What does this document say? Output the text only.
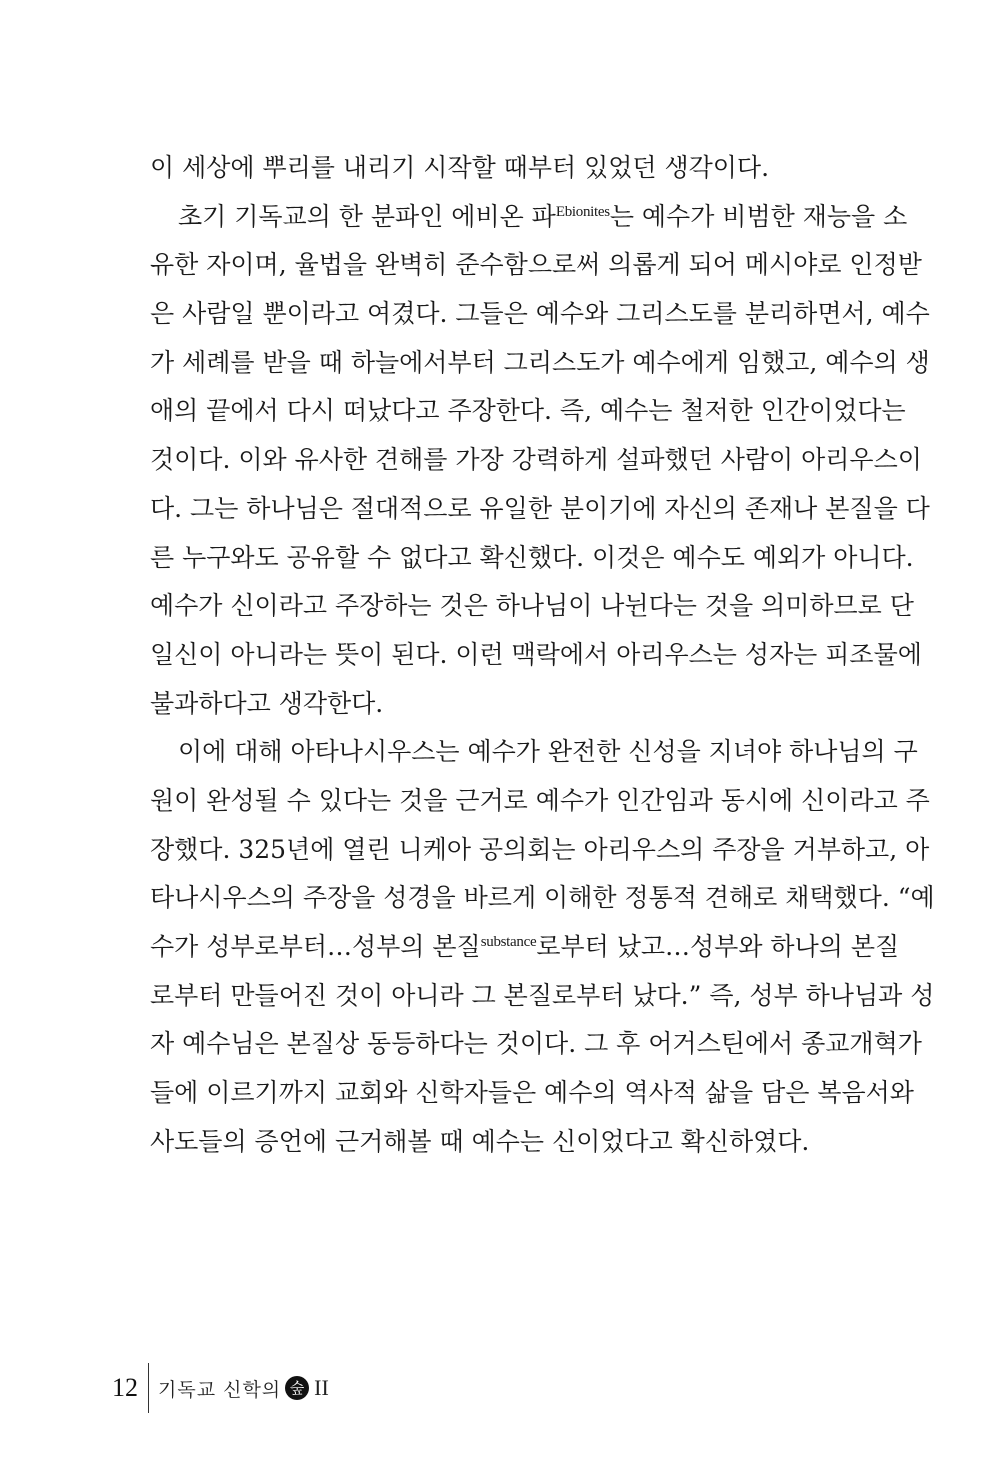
이 세상에 뿌리를 내리기 시작할 때부터 있었던 생각이다.
초기 기독교의 한 분파인 에비온 파$^{Ebionites}$는 예수가 비범한 재능을 소
유한 자이며, 율법을 완벽히 준수함으로써 의롭게 되어 메시야로 인정받
은 사람일 뿐이라고 여겼다. 그들은 예수와 그리스도를 분리하면서, 예수
가 세례를 받을 때 하늘에서부터 그리스도가 예수에게 임했고, 예수의 생
애의 끝에서 다시 떠났다고 주장한다. 즉, 예수는 철저한 인간이었다는
것이다. 이와 유사한 견해를 가장 강력하게 설파했던 사람이 아리우스이
다. 그는 하나님은 절대적으로 유일한 분이기에 자신의 존재나 본질을 다
른 누구와도 공유할 수 없다고 확신했다. 이것은 예수도 예외가 아니다.
예수가 신이라고 주장하는 것은 하나님이 나뉜다는 것을 의미하므로 단
일신이 아니라는 뜻이 된다. 이런 맥락에서 아리우스는 성자는 피조물에
불과하다고 생각한다.
이에 대해 아타나시우스는 예수가 완전한 신성을 지녀야 하나님의 구
원이 완성될 수 있다는 것을 근거로 예수가 인간임과 동시에 신이라고 주
장했다. 325년에 열린 니케아 공의회는 아리우스의 주장을 거부하고, 아
타나시우스의 주장을 성경을 바르게 이해한 정통적 견해로 채택했다. “예
수가 성부로부터…성부의 본질$^{substance}$로부터 났고…성부와 하나의 본질
로부터 만들어진 것이 아니라 그 본질로부터 났다.” 즉, 성부 하나님과 성
자 예수님은 본질상 동등하다는 것이다. 그 후 어거스틴에서 종교개혁가
들에 이르기까지 교회와 신학자들은 예수의 역사적 삶을 담은 복음서와
사도들의 증언에 근거해볼 때 예수는 신이었다고 확신하였다.
12 기독교 신학의 숲 II
